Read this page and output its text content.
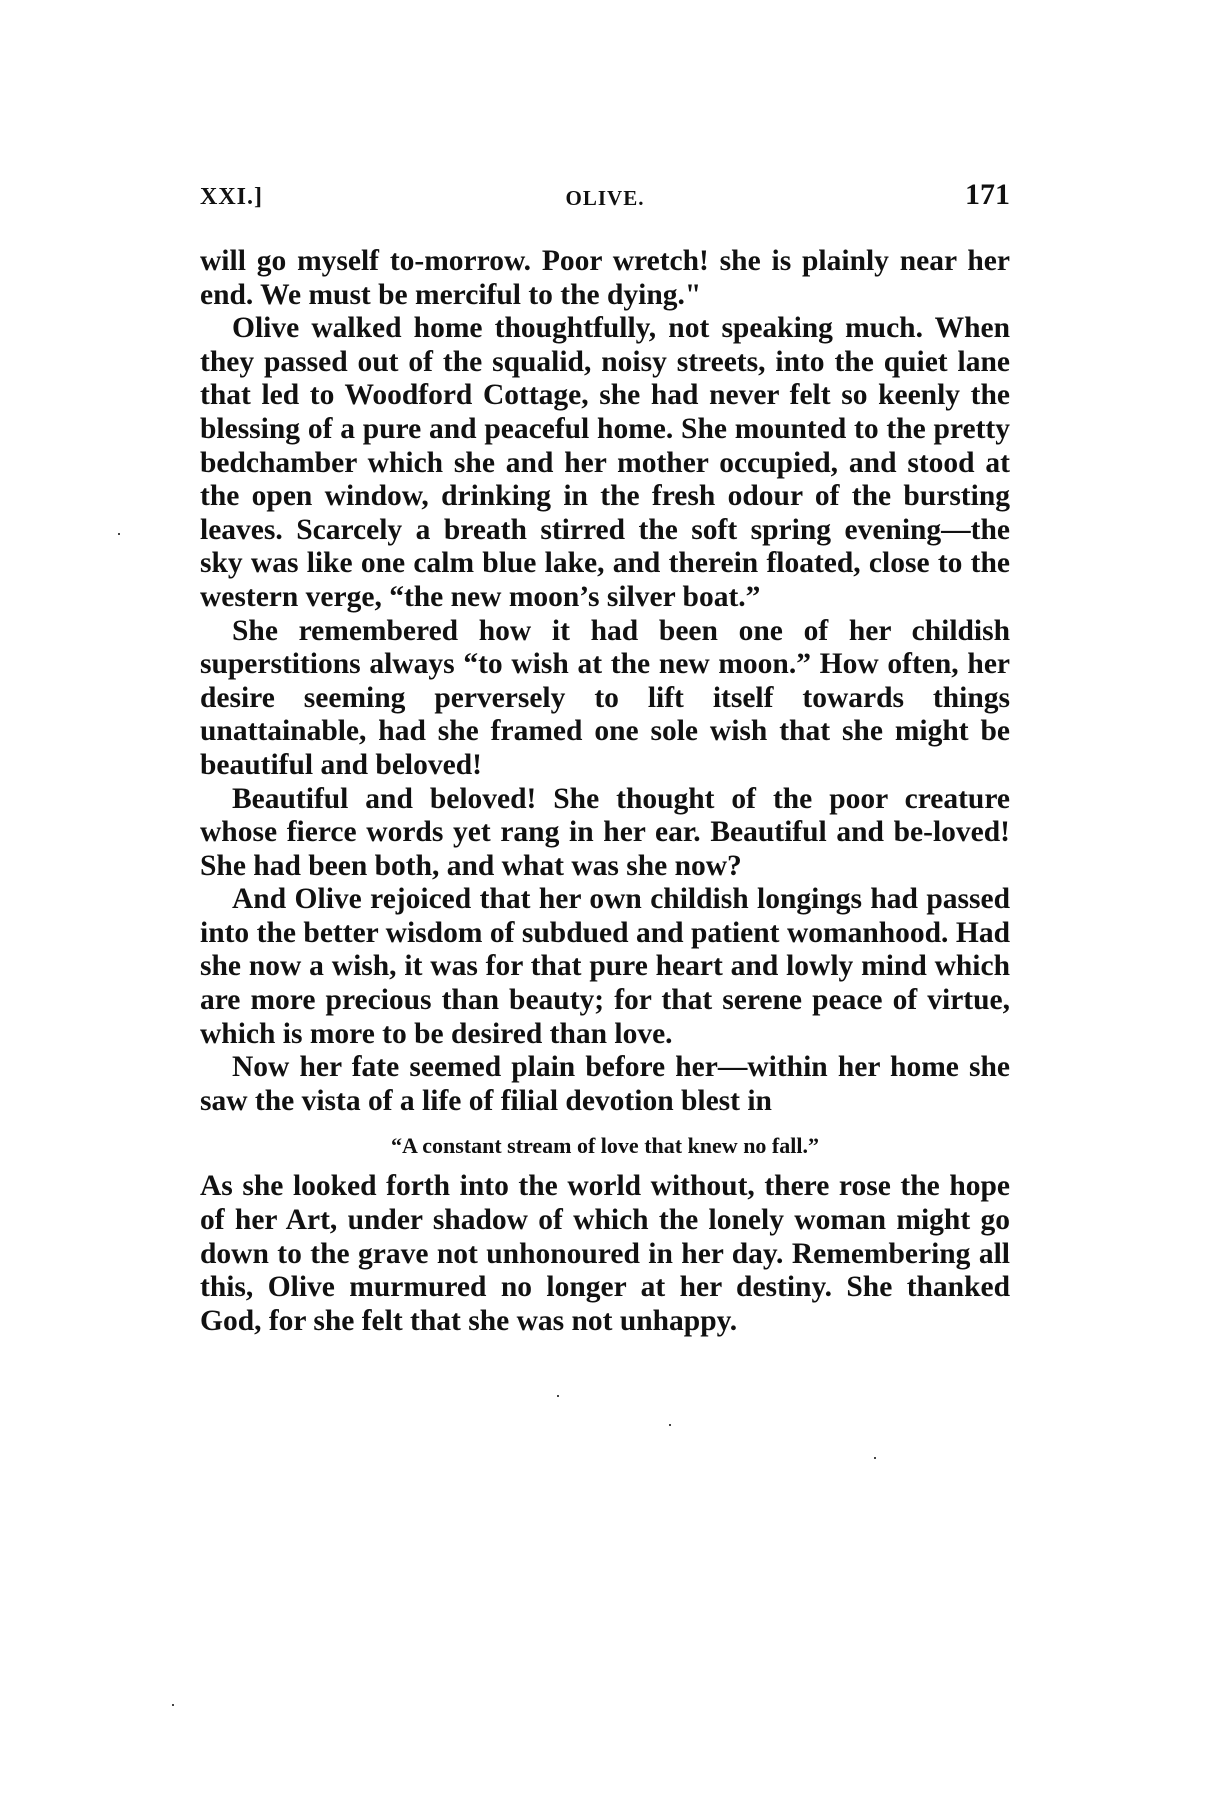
XXI.]	OLIVE.	171

will go myself to-morrow. Poor wretch! she is plainly near her end. We must be merciful to the dying."

Olive walked home thoughtfully, not speaking much. When they passed out of the squalid, noisy streets, into the quiet lane that led to Woodford Cottage, she had never felt so keenly the blessing of a pure and peaceful home. She mounted to the pretty bedchamber which she and her mother occupied, and stood at the open window, drinking in the fresh odour of the bursting leaves. Scarcely a breath stirred the soft spring evening—the sky was like one calm blue lake, and therein floated, close to the western verge, “the new moon’s silver boat.”

She remembered how it had been one of her childish superstitions always “to wish at the new moon.” How often, her desire seeming perversely to lift itself towards things unattainable, had she framed one sole wish that she might be beautiful and beloved!

Beautiful and beloved! She thought of the poor creature whose fierce words yet rang in her ear. Beautiful and be-loved! She had been both, and what was she now?

And Olive rejoiced that her own childish longings had passed into the better wisdom of subdued and patient womanhood. Had she now a wish, it was for that pure heart and lowly mind which are more precious than beauty; for that serene peace of virtue, which is more to be desired than love.

Now her fate seemed plain before her—within her home she saw the vista of a life of filial devotion blest in

“A constant stream of love that knew no fall.”

As she looked forth into the world without, there rose the hope of her Art, under shadow of which the lonely woman might go down to the grave not unhonoured in her day. Remembering all this, Olive murmured no longer at her destiny. She thanked God, for she felt that she was not unhappy.
